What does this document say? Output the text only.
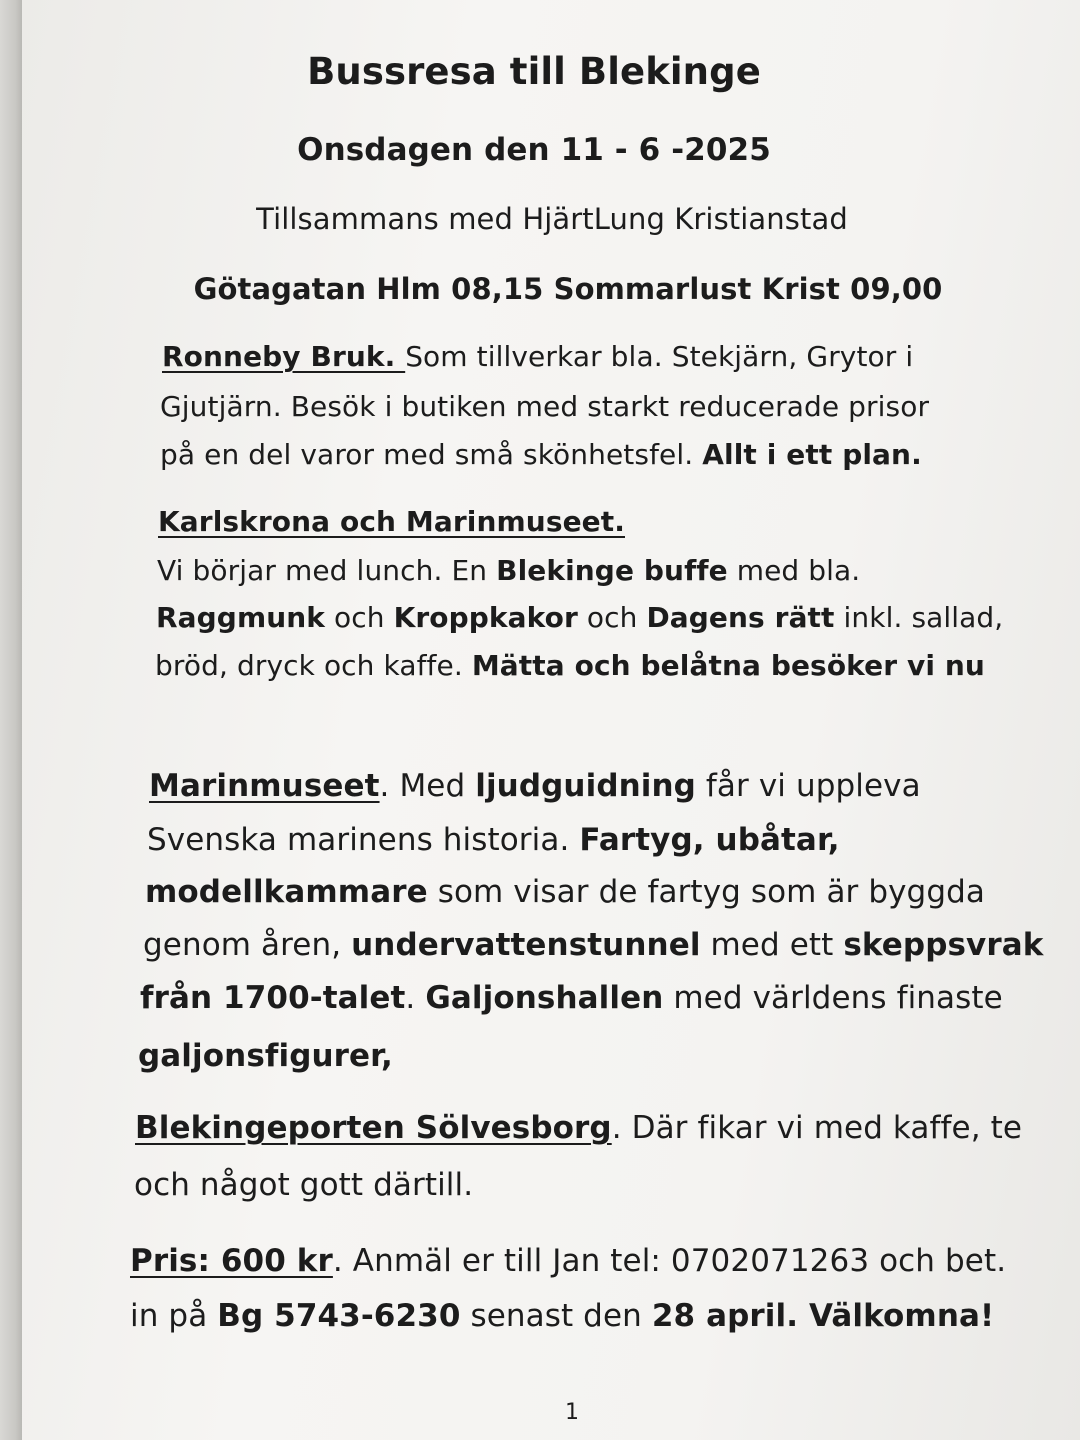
Bussresa till Blekinge
Onsdagen den 11 - 6 -2025
Tillsammans med HjärtLung Kristianstad
Götagatan Hlm 08,15 Sommarlust Krist 09,00
Ronneby Bruk. Som tillverkar bla. Stekjärn, Grytor i
Gjutjärn. Besök i butiken med starkt reducerade prisor
på en del varor med små skönhetsfel. Allt i ett plan.
Karlskrona och Marinmuseet.
Vi börjar med lunch. En Blekinge buffe med bla.
Raggmunk och Kroppkakor och Dagens rätt inkl. sallad,
bröd, dryck och kaffe. Mätta och belåtna besöker vi nu
Marinmuseet. Med ljudguidning får vi uppleva
Svenska marinens historia. Fartyg, ubåtar,
modellkammare som visar de fartyg som är byggda
genom åren, undervattenstunnel med ett skeppsvrak
från 1700-talet. Galjonshallen med världens finaste
galjonsfigurer,
Blekingeporten Sölvesborg. Där fikar vi med kaffe, te
och något gott därtill.
Pris: 600 kr. Anmäl er till Jan tel: 0702071263 och bet.
in på Bg 5743-6230 senast den 28 april. Välkomna!
1
